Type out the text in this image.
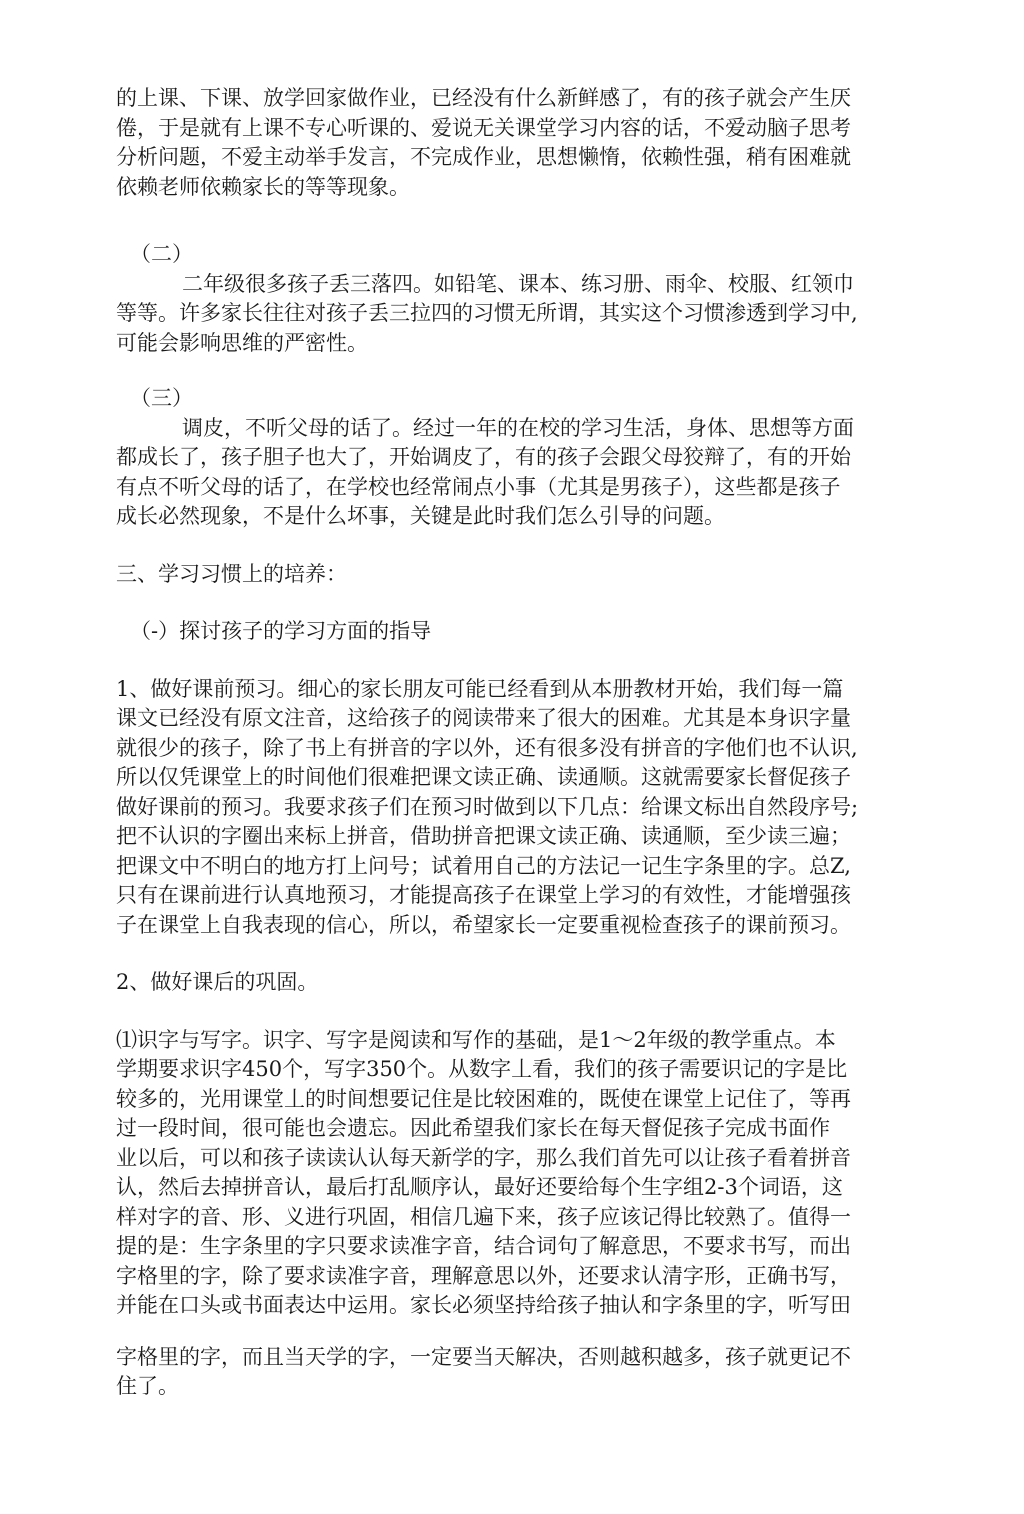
的上课、下课、放学回家做作业，已经没有什么新鲜感了，有的孩子就会产生厌
倦，于是就有上课不专心听课的、爱说无关课堂学习内容的话，不爱动脑子思考
分析问题，不爱主动举手发言，不完成作业，思想懒惰，依赖性强，稍有困难就
依赖老师依赖家长的等等现象。
（二）
二年级很多孩子丢三落四。如铅笔、课本、练习册、雨伞、校服、红领巾
等等。许多家长往往对孩子丢三拉四的习惯无所谓，其实这个习惯渗透到学习中,
可能会影响思维的严密性。
（三）
调皮，不听父母的话了。经过一年的在校的学习生活，身体、思想等方面
都成长了，孩子胆子也大了，开始调皮了，有的孩子会跟父母狡辩了，有的开始
有点不听父母的话了，在学校也经常闹点小事（尤其是男孩子），这些都是孩子
成长必然现象，不是什么坏事，关键是此时我们怎么引导的问题。
三、学习习惯上的培养：
（-）探讨孩子的学习方面的指导
1、做好课前预习。细心的家长朋友可能已经看到从本册教材开始，我们每一篇
课文已经没有原文注音，这给孩子的阅读带来了很大的困难。尤其是本身识字量
就很少的孩子，除了书上有拼音的字以外，还有很多没有拼音的字他们也不认识,
所以仅凭课堂上的时间他们很难把课文读正确、读通顺。这就需要家长督促孩子
做好课前的预习。我要求孩子们在预习时做到以下几点：给课文标出自然段序号;
把不认识的字圈出来标上拼音，借助拼音把课文读正确、读通顺，至少读三遍；
把课文中不明白的地方打上问号；试着用自己的方法记一记生字条里的字。总Z,
只有在课前进行认真地预习，才能提高孩子在课堂上学习的有效性，才能增强孩
子在课堂上自我表现的信心，所以，希望家长一定要重视检查孩子的课前预习。
2、做好课后的巩固。
⑴识字与写字。识字、写字是阅读和写作的基础，是1〜2年级的教学重点。本
学期要求识字450个，写字350个。从数字丄看，我们的孩子需要识记的字是比
较多的，光用课堂丄的时间想要记住是比较困难的，既使在课堂上记住了，等再
过一段时间，很可能也会遗忘。因此希望我们家长在每天督促孩子完成书面作
业以后，可以和孩子读读认认每天新学的字，那么我们首先可以让孩子看着拼音
认，然后去掉拼音认，最后打乱顺序认，最好还要给每个生字组2-3个词语，这
样对字的音、形、义进行巩固，相信几遍下来，孩子应该记得比较熟了。值得一
提的是：生字条里的字只要求读准字音，结合词句了解意思，不要求书写，而出
字格里的字，除了要求读准字音，理解意思以外，还要求认清字形，正确书写，
并能在口头或书面表达中运用。家长必须坚持给孩子抽认和字条里的字，听写田
字格里的字，而且当天学的字，一定要当天解决，否则越积越多，孩子就更记不
住了。
